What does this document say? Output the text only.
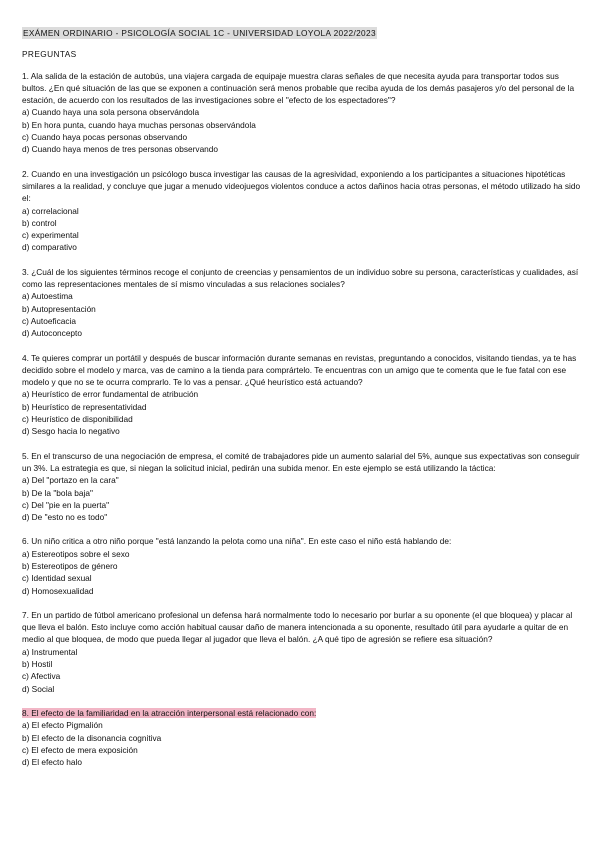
EXÁMEN ORDINARIO - PSICOLOGÍA SOCIAL 1C - UNIVERSIDAD LOYOLA 2022/2023
PREGUNTAS

1. Ala salida de la estación de autobús, una viajera cargada de equipaje muestra claras señales de que necesita ayuda para transportar todos sus bultos. ¿En qué situación de las que se exponen a continuación será menos probable que reciba ayuda de los demás pasajeros y/o del personal de la estación, de acuerdo con los resultados de las investigaciones sobre el "efecto de los espectadores"?

a) Cuando haya una sola persona observándola
b) En hora punta, cuando haya muchas personas observándola
c) Cuando haya pocas personas observando
d) Cuando haya menos de tres personas observando

2. Cuando en una investigación un psicólogo busca investigar las causas de la agresividad, exponiendo a los participantes a situaciones hipotéticas similares a la realidad, y concluye que jugar a menudo videojuegos violentos conduce a actos dañinos hacia otras personas, el método utilizado ha sido el:

a) correlacional
b) control
c) experimental
d) comparativo

3. ¿Cuál de los siguientes términos recoge el conjunto de creencias y pensamientos de un individuo sobre su persona, características y cualidades, así como las representaciones mentales de sí mismo vinculadas a sus relaciones sociales?

a) Autoestima
b) Autopresentación
c) Autoeficacia
d) Autoconcepto

4. Te quieres comprar un portátil y después de buscar información durante semanas en revistas, preguntando a conocidos, visitando tiendas, ya te has decidido sobre el modelo y marca, vas de camino a la tienda para comprártelo. Te encuentras con un amigo que te comenta que le fue fatal con ese modelo y que no se te ocurra comprarlo. Te lo vas a pensar. ¿Qué heurístico está actuando?

a) Heurístico de error fundamental de atribución
b) Heurístico de representatividad
c) Heurístico de disponibilidad
d) Sesgo hacia lo negativo

5. En el transcurso de una negociación de empresa, el comité de trabajadores pide un aumento salarial del 5%, aunque sus expectativas son conseguir un 3%. La estrategia es que, si niegan la solicitud inicial, pedirán una subida menor. En este ejemplo se está utilizando la táctica:

a) Del "portazo en la cara"
b) De la "bola baja"
c) Del "pie en la puerta"
d) De "esto no es todo"

6. Un niño critica a otro niño porque "está lanzando la pelota como una niña". En este caso el niño está hablando de:

a) Estereotipos sobre el sexo
b) Estereotipos de género
c) Identidad sexual
d) Homosexualidad

7. En un partido de fútbol americano profesional un defensa hará normalmente todo lo necesario por burlar a su oponente (el que bloquea) y placar al que lleva el balón. Esto incluye como acción habitual causar daño de manera intencionada a su oponente, resultado útil para ayudarle a quitar de en medio al que bloquea, de modo que pueda llegar al jugador que lleva el balón. ¿A qué tipo de agresión se refiere esa situación?

a) Instrumental
b) Hostil
c) Afectiva
d) Social

8. El efecto de la familiaridad en la atracción interpersonal está relacionado con:

a) El efecto Pigmalión
b) El efecto de la disonancia cognitiva
c) El efecto de mera exposición
d) El efecto halo
